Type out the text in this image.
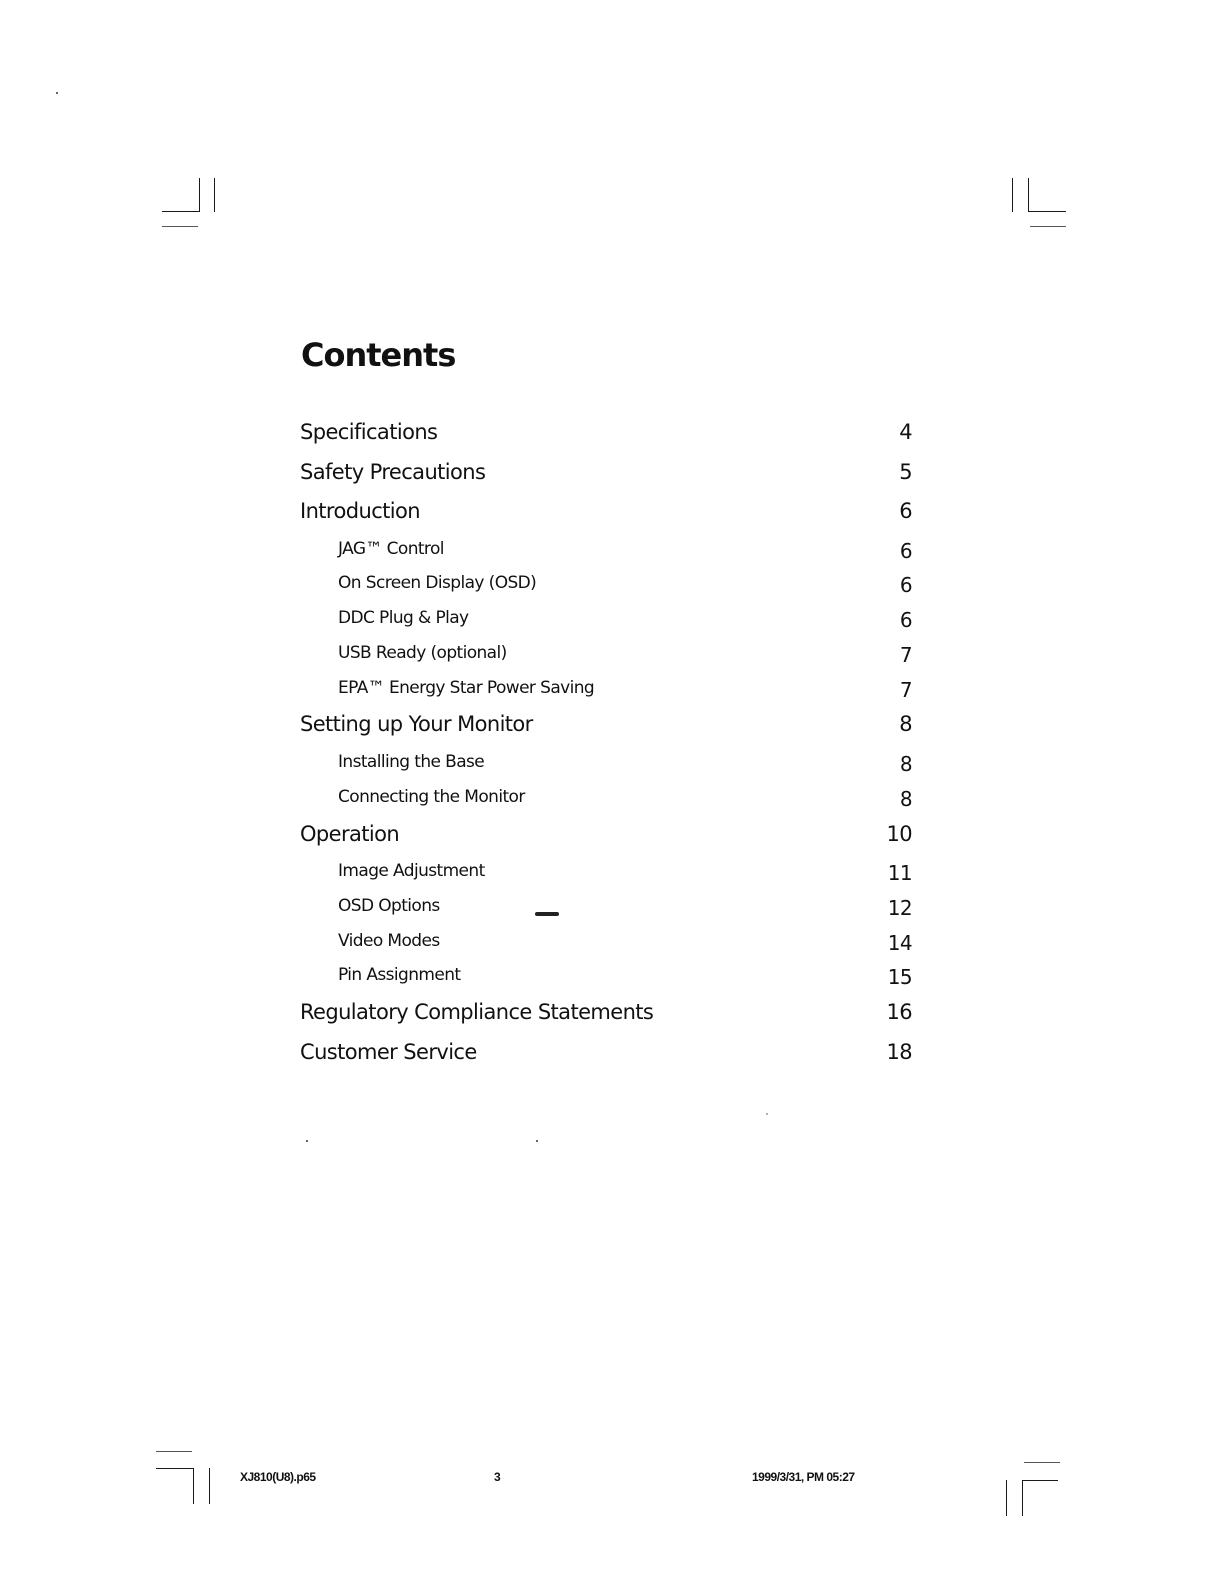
Contents
Specifications	4
Safety Precautions	5
Introduction	6
JAG™ Control	6
On Screen Display (OSD)	6
DDC Plug & Play	6
USB Ready (optional)	7
EPA™ Energy Star Power Saving	7
Setting up Your Monitor	8
Installing the Base	8
Connecting the Monitor	8
Operation	10
Image Adjustment	11
OSD Options	12
Video Modes	14
Pin Assignment	15
Regulatory Compliance Statements	16
Customer Service	18
XJ810(U8).p65	3	1999/3/31, PM 05:27
